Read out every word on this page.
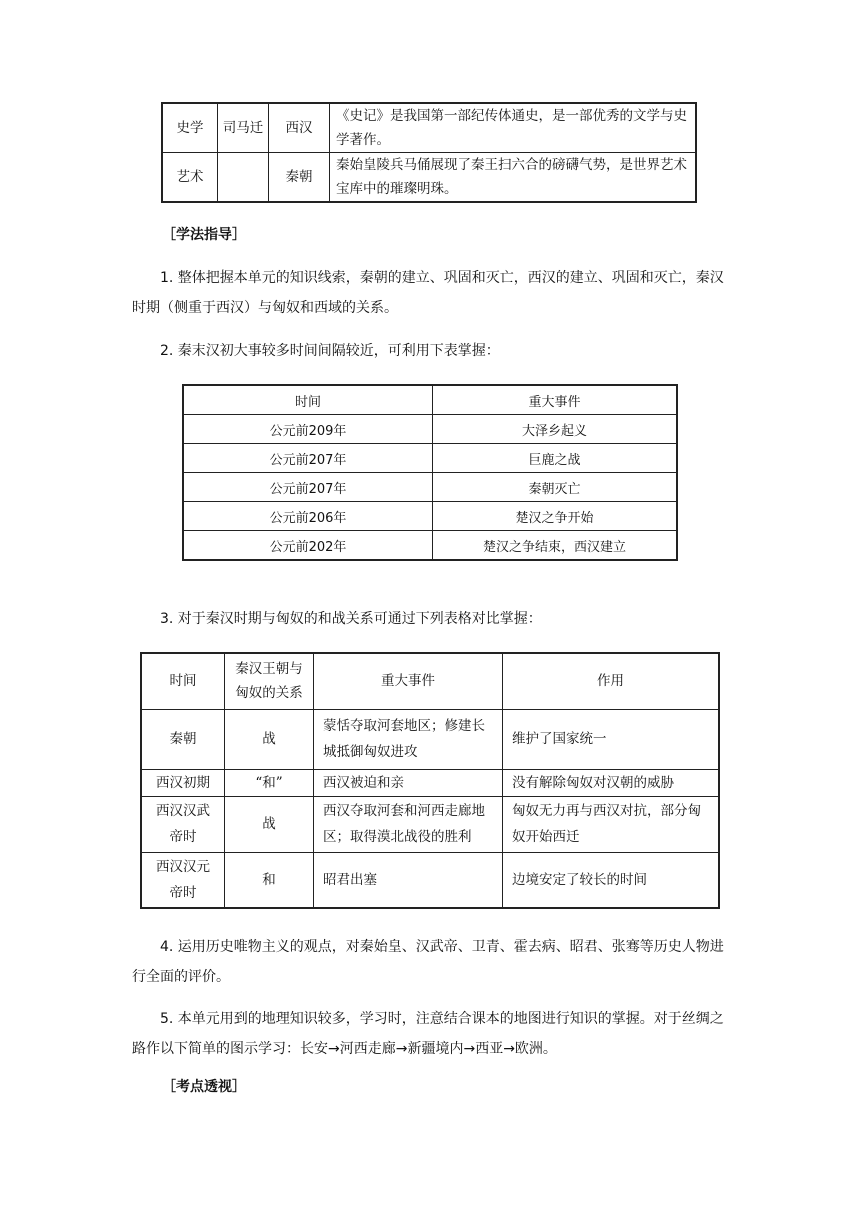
史学	司马迁	西汉	《史记》是我国第一部纪传体通史，是一部优秀的文学与史学著作。
艺术		秦朝	秦始皇陵兵马俑展现了秦王扫六合的磅礴气势，是世界艺术宝库中的璀璨明珠。
［学法指导］
1. 整体把握本单元的知识线索，秦朝的建立、巩固和灭亡，西汉的建立、巩固和灭亡，秦汉时期（侧重于西汉）与匈奴和西域的关系。
2. 秦末汉初大事较多时间间隔较近，可利用下表掌握：
时间	重大事件
公元前209年	大泽乡起义
公元前207年	巨鹿之战
公元前207年	秦朝灭亡
公元前206年	楚汉之争开始
公元前202年	楚汉之争结束，西汉建立
3. 对于秦汉时期与匈奴的和战关系可通过下列表格对比掌握：
时间	秦汉王朝与匈奴的关系	重大事件	作用
秦朝	战	蒙恬夺取河套地区；修建长城抵御匈奴进攻	维护了国家统一
西汉初期	“和”	西汉被迫和亲	没有解除匈奴对汉朝的威胁
西汉汉武帝时	战	西汉夺取河套和河西走廊地区；取得漠北战役的胜利	匈奴无力再与西汉对抗，部分匈奴开始西迁
西汉汉元帝时	和	昭君出塞	边境安定了较长的时间
4. 运用历史唯物主义的观点，对秦始皇、汉武帝、卫青、霍去病、昭君、张骞等历史人物进行全面的评价。
5. 本单元用到的地理知识较多，学习时，注意结合课本的地图进行知识的掌握。对于丝绸之路作以下简单的图示学习：长安→河西走廊→新疆境内→西亚→欧洲。
［考点透视］
